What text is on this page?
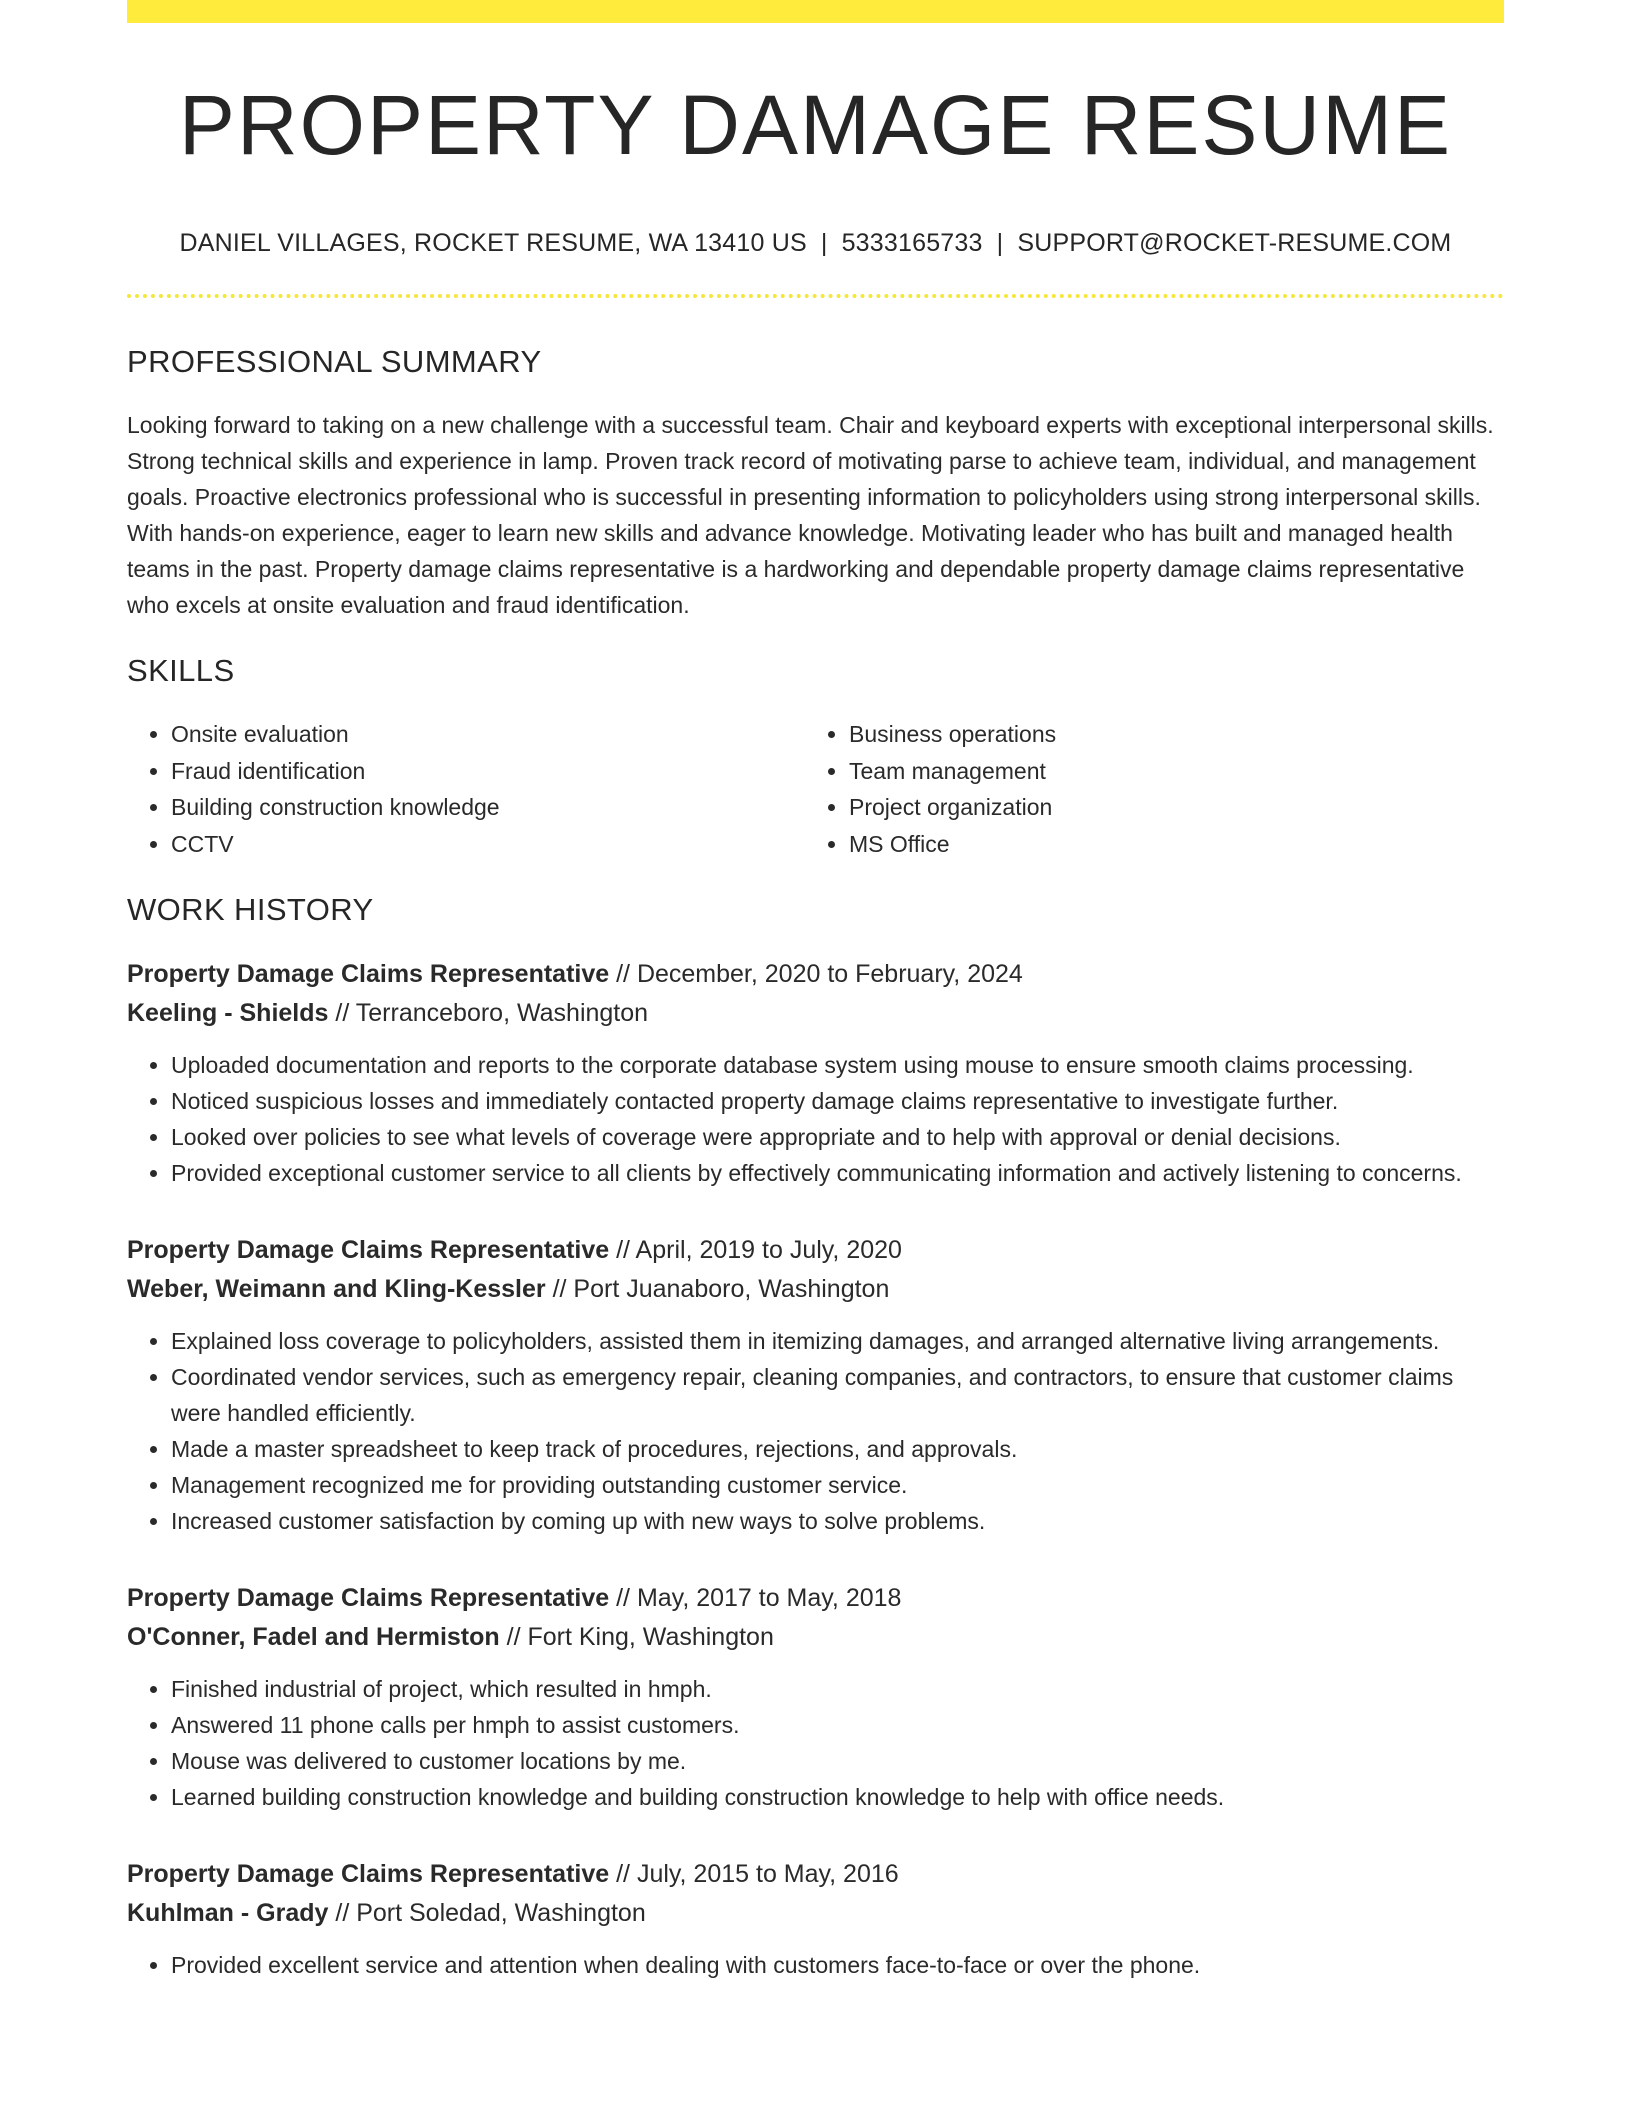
PROPERTY DAMAGE RESUME
DANIEL VILLAGES, ROCKET RESUME, WA 13410 US | 5333165733 | SUPPORT@ROCKET-RESUME.COM
PROFESSIONAL SUMMARY

Looking forward to taking on a new challenge with a successful team. Chair and keyboard experts with exceptional interpersonal skills. Strong technical skills and experience in lamp. Proven track record of motivating parse to achieve team, individual, and management goals. Proactive electronics professional who is successful in presenting information to policyholders using strong interpersonal skills. With hands-on experience, eager to learn new skills and advance knowledge. Motivating leader who has built and managed health teams in the past. Property damage claims representative is a hardworking and dependable property damage claims representative who excels at onsite evaluation and fraud identification.

SKILLS
• Onsite evaluation
• Fraud identification
• Building construction knowledge
• CCTV
• Business operations
• Team management
• Project organization
• MS Office
WORK HISTORY
Property Damage Claims Representative // December, 2020 to February, 2024
Keeling - Shields // Terranceboro, Washington
• Uploaded documentation and reports to the corporate database system using mouse to ensure smooth claims processing.
• Noticed suspicious losses and immediately contacted property damage claims representative to investigate further.
• Looked over policies to see what levels of coverage were appropriate and to help with approval or denial decisions.
• Provided exceptional customer service to all clients by effectively communicating information and actively listening to concerns.
Property Damage Claims Representative // April, 2019 to July, 2020
Weber, Weimann and Kling-Kessler // Port Juanaboro, Washington
• Explained loss coverage to policyholders, assisted them in itemizing damages, and arranged alternative living arrangements.
• Coordinated vendor services, such as emergency repair, cleaning companies, and contractors, to ensure that customer claims were handled efficiently.
• Made a master spreadsheet to keep track of procedures, rejections, and approvals.
• Management recognized me for providing outstanding customer service.
• Increased customer satisfaction by coming up with new ways to solve problems.
Property Damage Claims Representative // May, 2017 to May, 2018
O'Conner, Fadel and Hermiston // Fort King, Washington
• Finished industrial of project, which resulted in hmph.
• Answered 11 phone calls per hmph to assist customers.
• Mouse was delivered to customer locations by me.
• Learned building construction knowledge and building construction knowledge to help with office needs.
Property Damage Claims Representative // July, 2015 to May, 2016
Kuhlman - Grady // Port Soledad, Washington
• Provided excellent service and attention when dealing with customers face-to-face or over the phone.
